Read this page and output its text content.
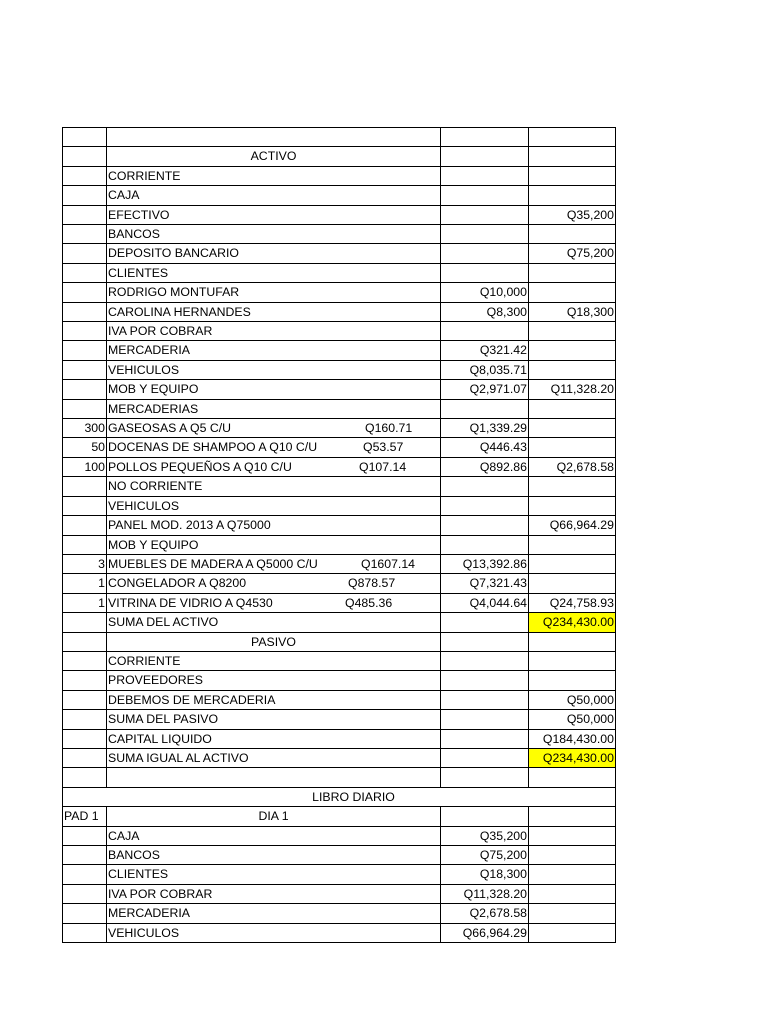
	ACTIVO		
	CORRIENTE		
	CAJA		
	EFECTIVO		Q35,200
	BANCOS		
	DEPOSITO BANCARIO		Q75,200
	CLIENTES		
	RODRIGO MONTUFAR	Q10,000	
	CAROLINA HERNANDES	Q8,300	Q18,300
	IVA POR COBRAR		
	MERCADERIA	Q321.42	
	VEHICULOS	Q8,035.71	
	MOB Y EQUIPO	Q2,971.07	Q11,328.20
	MERCADERIAS		
300	GASEOSAS A Q5 C/U Q160.71	Q1,339.29	
50	DOCENAS DE SHAMPOO A Q10 C/U Q53.57	Q446.43	
100	POLLOS PEQUEÑOS A Q10 C/U Q107.14	Q892.86	Q2,678.58
	NO CORRIENTE		
	VEHICULOS		
	PANEL MOD. 2013 A Q75000		Q66,964.29
	MOB Y EQUIPO		
3	MUEBLES DE MADERA A Q5000 C/U Q1607.14	Q13,392.86	
1	CONGELADOR A Q8200 Q878.57	Q7,321.43	
1	VITRINA DE VIDRIO A Q4530 Q485.36	Q4,044.64	Q24,758.93
	SUMA DEL ACTIVO		Q234,430.00
	PASIVO		
	CORRIENTE		
	PROVEEDORES		
	DEBEMOS DE MERCADERIA		Q50,000
	SUMA DEL PASIVO		Q50,000
	CAPITAL LIQUIDO		Q184,430.00
	SUMA IGUAL AL ACTIVO		Q234,430.00

LIBRO DIARIO			
PAD 1	DIA 1		
	CAJA	Q35,200	
	BANCOS	Q75,200	
	CLIENTES	Q18,300	
	IVA POR COBRAR	Q11,328.20	
	MERCADERIA	Q2,678.58	
	VEHICULOS	Q66,964.29	
